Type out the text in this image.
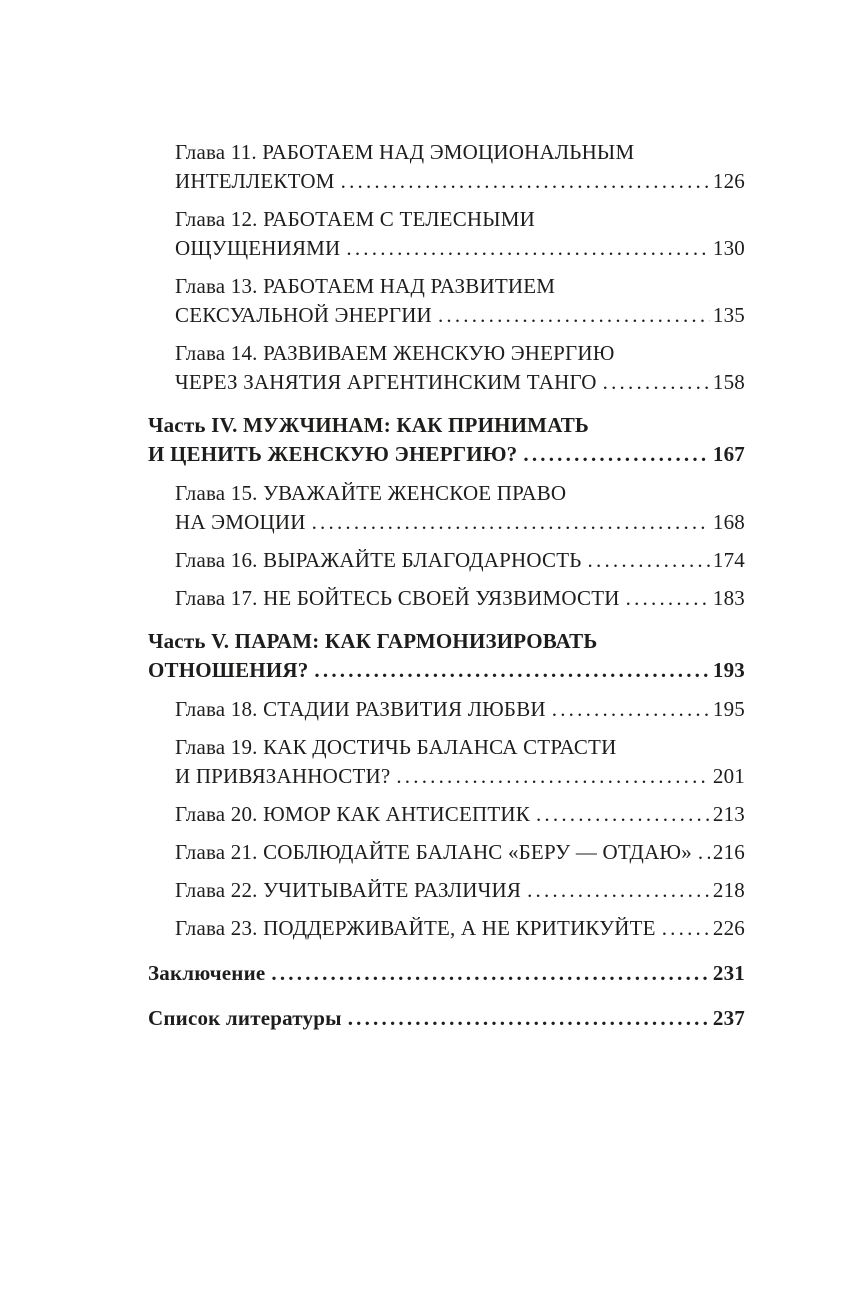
Глава 11. РАБОТАЕМ НАД ЭМОЦИОНАЛЬНЫМ
ИНТЕЛЛЕКТОМ .....	126
Глава 12. РАБОТАЕМ С ТЕЛЕСНЫМИ
ОЩУЩЕНИЯМИ .....	130
Глава 13. РАБОТАЕМ НАД РАЗВИТИЕМ
СЕКСУАЛЬНОЙ ЭНЕРГИИ .....	135
Глава 14. РАЗВИВАЕМ ЖЕНСКУЮ ЭНЕРГИЮ
ЧЕРЕЗ ЗАНЯТИЯ АРГЕНТИНСКИМ ТАНГО .....	158
Часть IV. МУЖЧИНАМ: КАК ПРИНИМАТЬ
И ЦЕНИТЬ ЖЕНСКУЮ ЭНЕРГИЮ? .....	167
Глава 15. УВАЖАЙТЕ ЖЕНСКОЕ ПРАВО
НА ЭМОЦИИ .....	168
Глава 16. ВЫРАЖАЙТЕ БЛАГОДАРНОСТЬ .....	174
Глава 17. НЕ БОЙТЕСЬ СВОЕЙ УЯЗВИМОСТИ .....	183
Часть V. ПАРАМ: КАК ГАРМОНИЗИРОВАТЬ
ОТНОШЕНИЯ? .....	193
Глава 18. СТАДИИ РАЗВИТИЯ ЛЮБВИ .....	195
Глава 19. КАК ДОСТИЧЬ БАЛАНСА СТРАСТИ
И ПРИВЯЗАННОСТИ? .....	201
Глава 20. ЮМОР КАК АНТИСЕПТИК .....	213
Глава 21. СОБЛЮДАЙТЕ БАЛАНС «БЕРУ — ОТДАЮ» ..... 216
Глава 22. УЧИТЫВАЙТЕ РАЗЛИЧИЯ .....	218
Глава 23. ПОДДЕРЖИВАЙТЕ, А НЕ КРИТИКУЙТЕ .....	226
Заключение .....	231
Список литературы .....	237
